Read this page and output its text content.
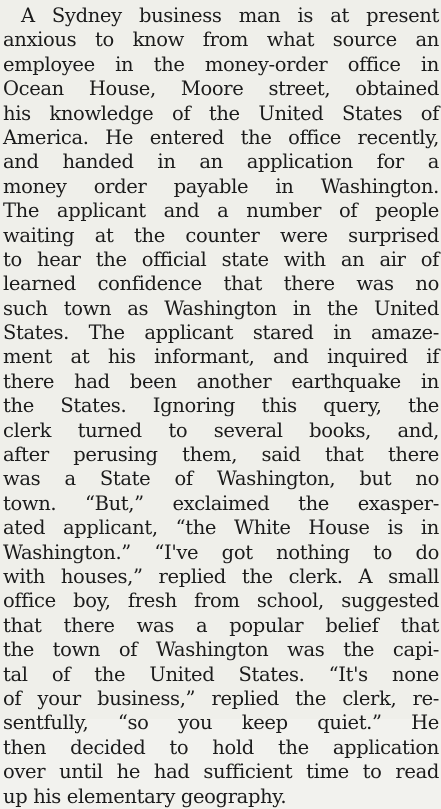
A Sydney business man is at present
anxious to know from what source an
employee in the money-order office in
Ocean House, Moore street, obtained
his knowledge of the United States of
America. He entered the office recently,
and handed in an application for a
money order payable in Washington.
The applicant and a number of people
waiting at the counter were surprised
to hear the official state with an air of
learned confidence that there was no
such town as Washington in the United
States. The applicant stared in amaze-
ment at his informant, and inquired if
there had been another earthquake in
the States. Ignoring this query, the
clerk turned to several books, and,
after perusing them, said that there
was a State of Washington, but no
town. “But,” exclaimed the exasper-
ated applicant, “the White House is in
Washington.” “I've got nothing to do
with houses,” replied the clerk. A small
office boy, fresh from school, suggested
that there was a popular belief that
the town of Washington was the capi-
tal of the United States. “It's none
of your business,” replied the clerk, re-
sentfully, “so you keep quiet.” He
then decided to hold the application
over until he had sufficient time to read
up his elementary geography.
